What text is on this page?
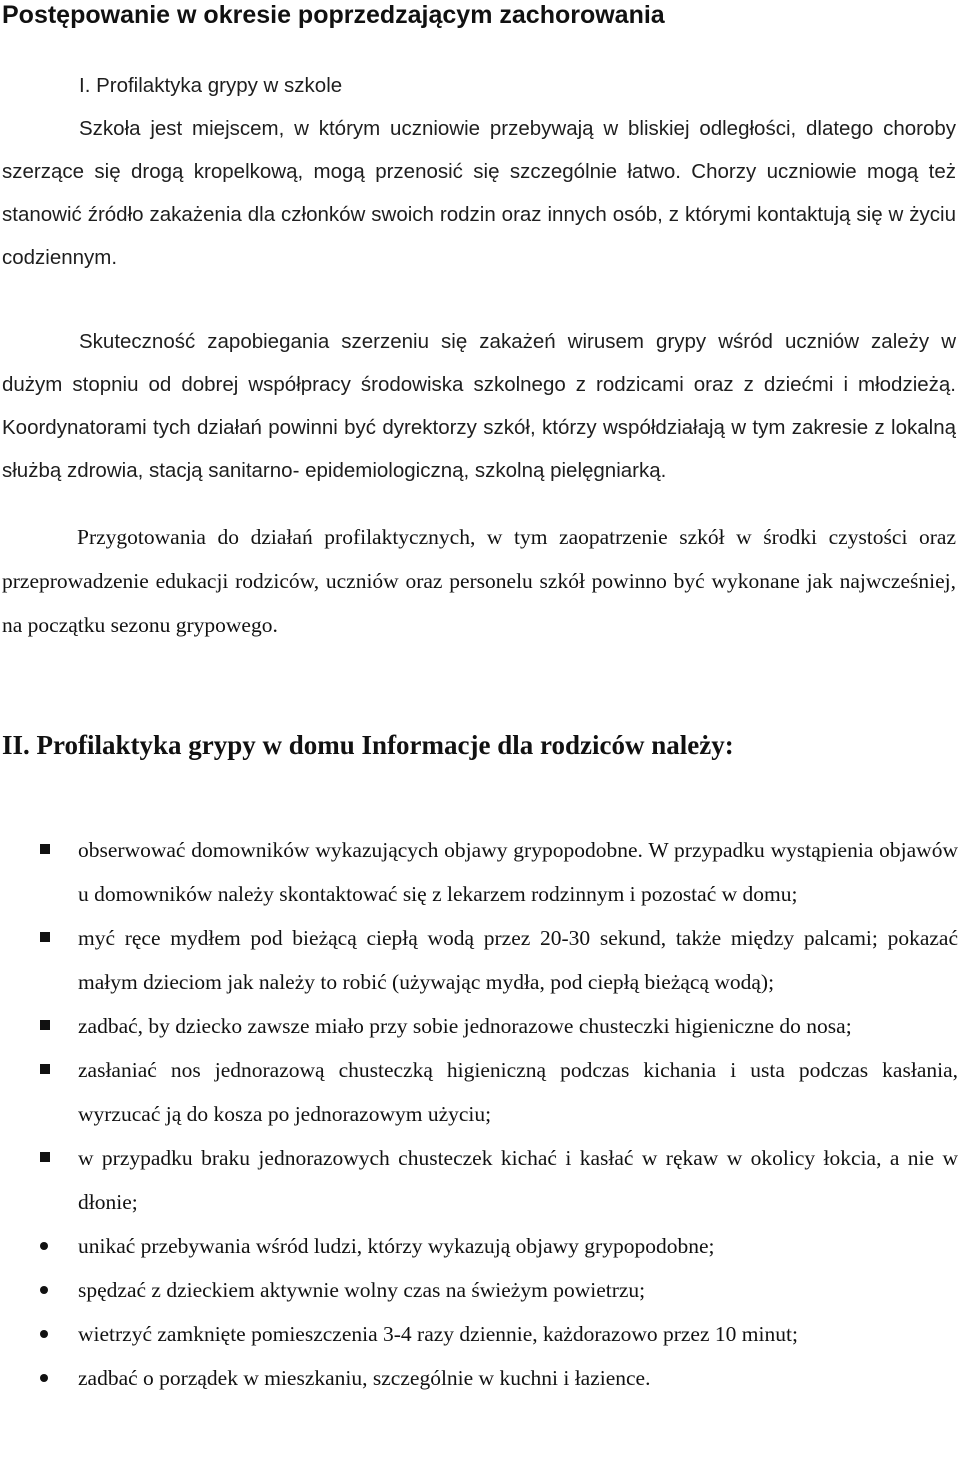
Postępowanie w okresie poprzedzającym zachorowania

I. Profilaktyka grypy w szkole

Szkoła jest miejscem, w którym uczniowie przebywają w bliskiej odległości, dlatego choroby szerzące się drogą kropelkową, mogą przenosić się szczególnie łatwo. Chorzy uczniowie mogą też stanowić źródło zakażenia dla członków swoich rodzin oraz innych osób, z którymi kontaktują się w życiu codziennym.

Skuteczność zapobiegania szerzeniu się zakażeń wirusem grypy wśród uczniów zależy w dużym stopniu od dobrej współpracy środowiska szkolnego z rodzicami oraz z dziećmi i młodzieżą. Koordynatorami tych działań powinni być dyrektorzy szkół, którzy współdziałają w tym zakresie z lokalną służbą zdrowia, stacją sanitarno- epidemiologiczną, szkolną pielęgniarką.

Przygotowania do działań profilaktycznych, w tym zaopatrzenie szkół w środki czystości oraz przeprowadzenie edukacji rodziców, uczniów oraz personelu szkół powinno być wykonane jak najwcześniej, na początku sezonu grypowego.

II. Profilaktyka grypy w domu Informacje dla rodziców należy:
obserwować domowników wykazujących objawy grypopodobne. W przypadku wystąpienia objawów u domowników należy skontaktować się z lekarzem rodzinnym i pozostać w domu;
myć ręce mydłem pod bieżącą ciepłą wodą przez 20-30 sekund, także między palcami; pokazać małym dzieciom jak należy to robić (używając mydła, pod ciepłą bieżącą wodą);
zadbać, by dziecko zawsze miało przy sobie jednorazowe chusteczki higieniczne do nosa;
zasłaniać nos jednorazową chusteczką higieniczną podczas kichania i usta podczas kasłania, wyrzucać ją do kosza po jednorazowym użyciu;
w przypadku braku jednorazowych chusteczek kichać i kasłać w rękaw w okolicy łokcia, a nie w dłonie;
unikać przebywania wśród ludzi, którzy wykazują objawy grypopodobne;
spędzać z dzieckiem aktywnie wolny czas na świeżym powietrzu;
wietrzyć zamknięte pomieszczenia 3-4 razy dziennie, każdorazowo przez 10 minut;
zadbać o porządek w mieszkaniu, szczególnie w kuchni i łazience.
